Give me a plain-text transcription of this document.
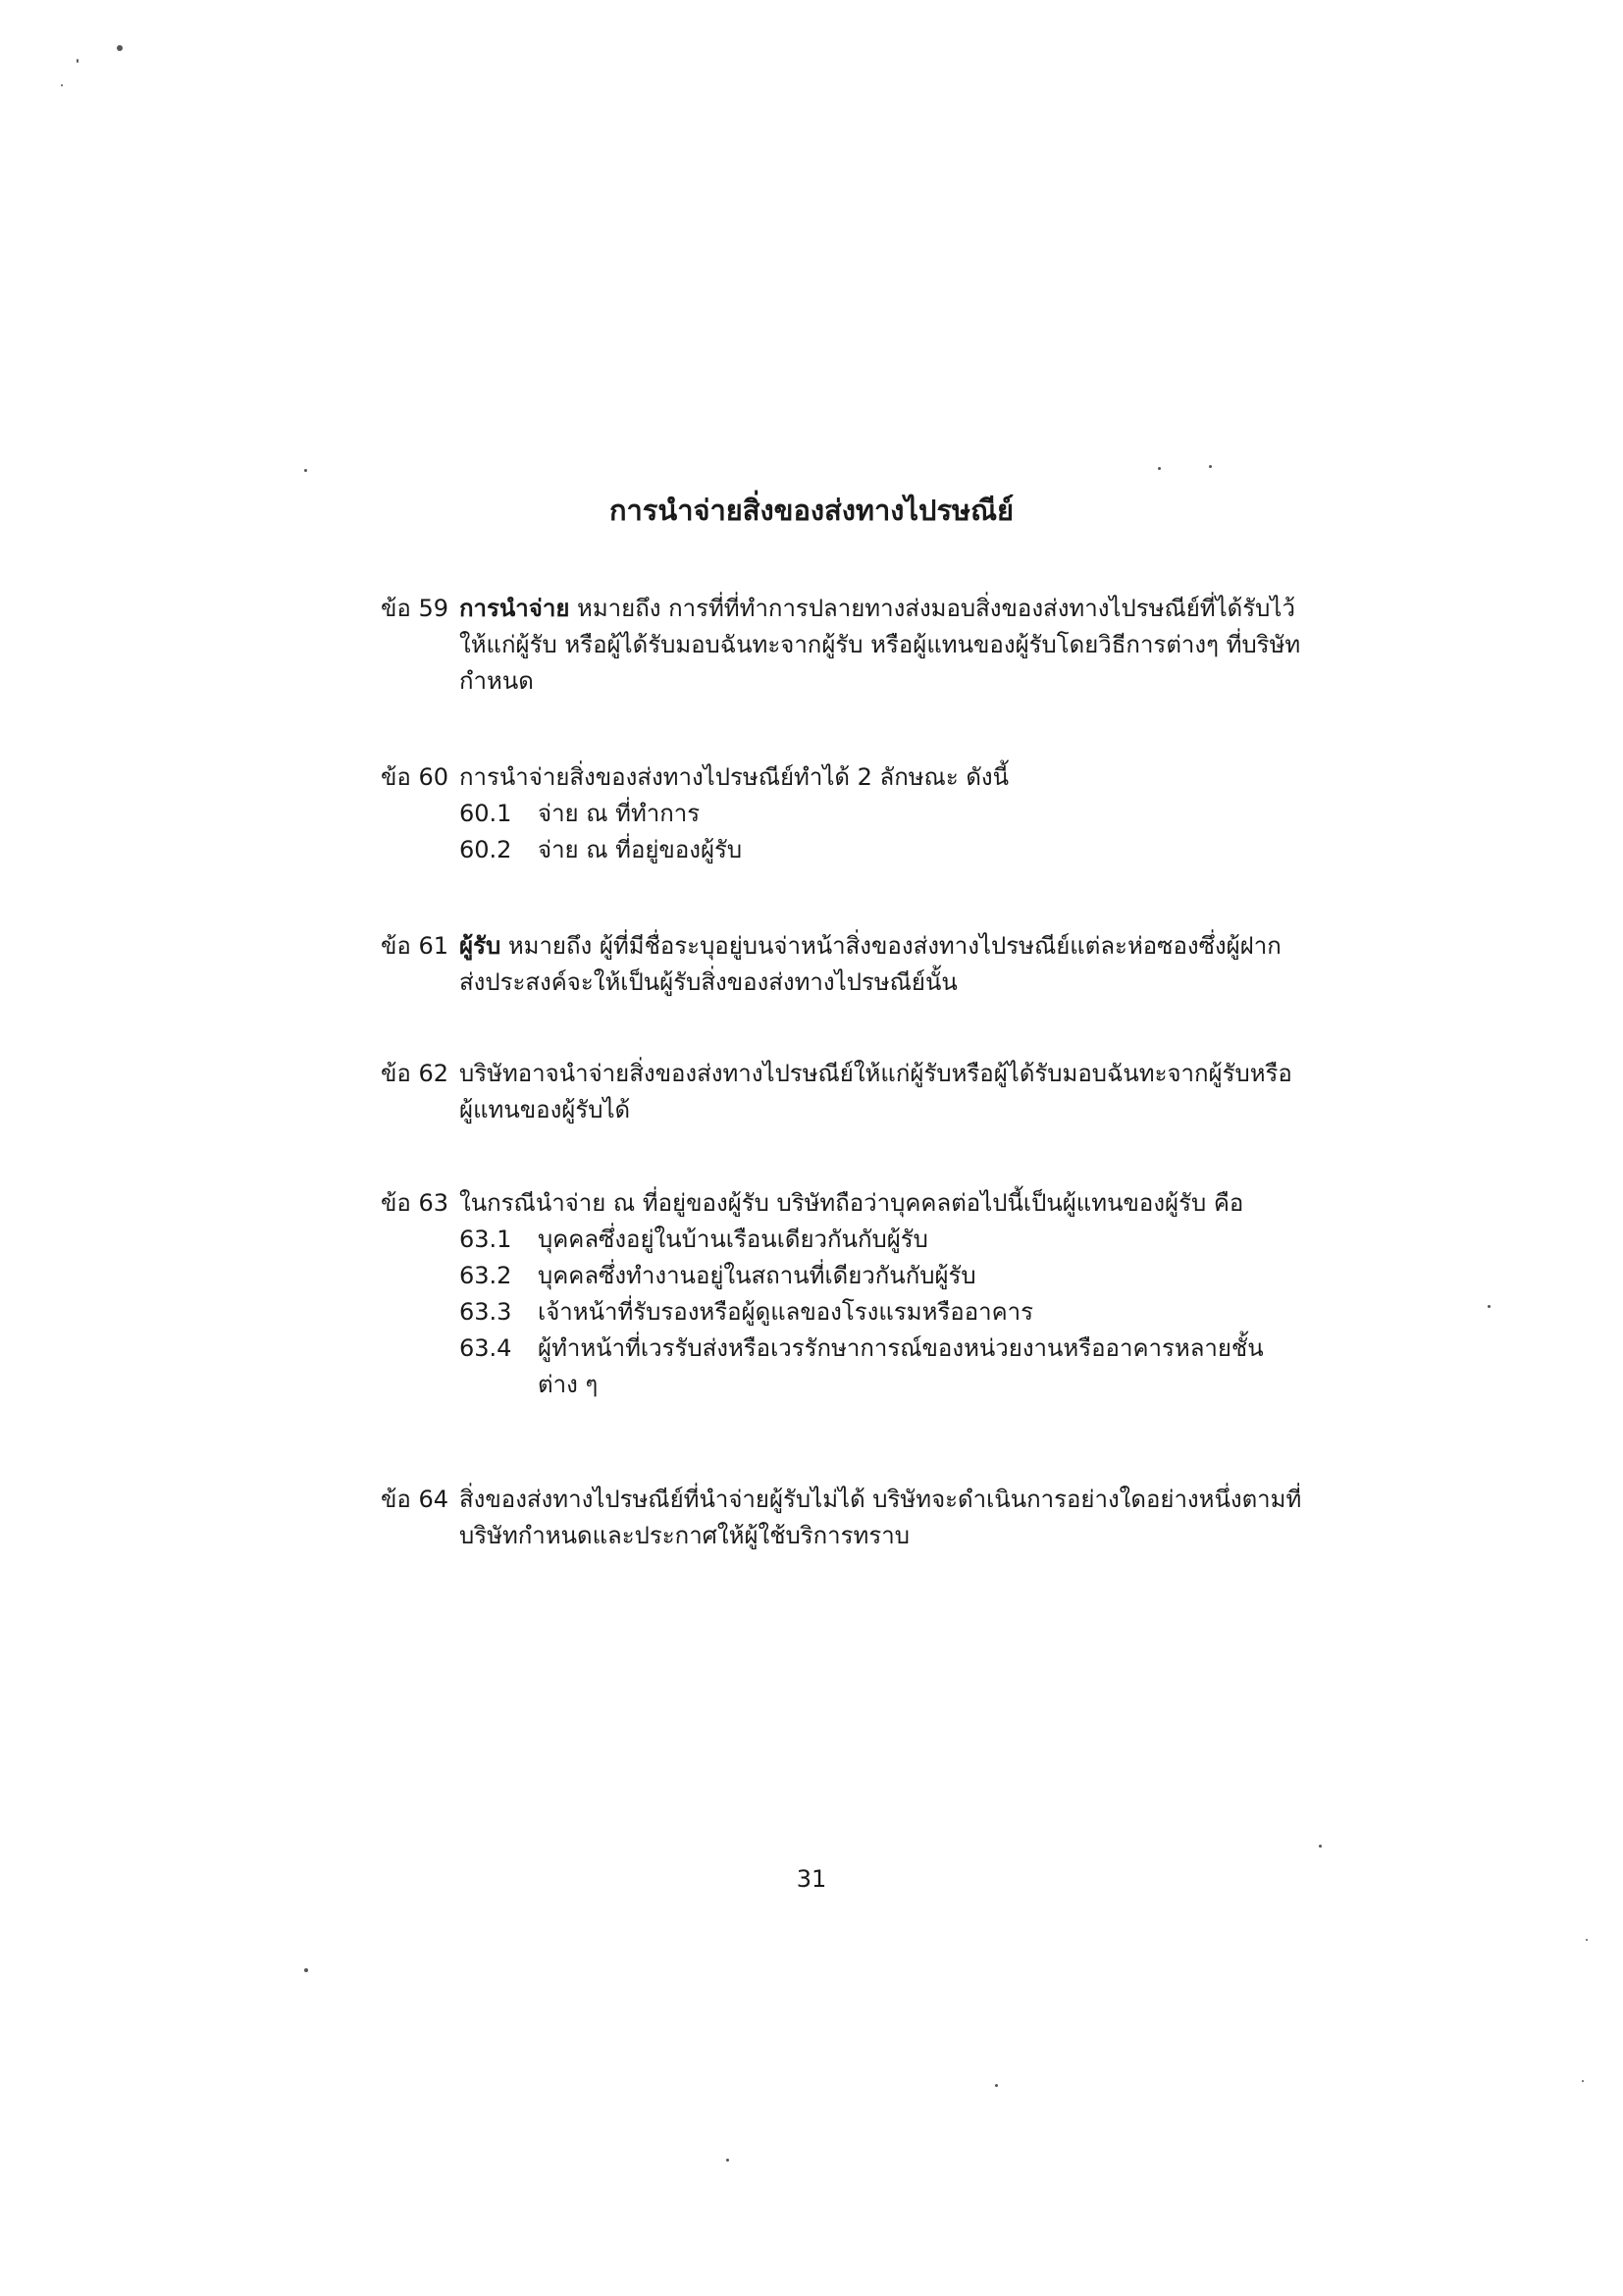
การนำจ่ายสิ่งของส่งทางไปรษณีย์
ข้อ 59 การนำจ่าย หมายถึง การที่ที่ทำการปลายทางส่งมอบสิ่งของส่งทางไปรษณีย์ที่ได้รับไว้ให้แก่ผู้รับ หรือผู้ได้รับมอบฉันทะจากผู้รับ หรือผู้แทนของผู้รับโดยวิธีการต่างๆ ที่บริษัทกำหนด
ข้อ 60 การนำจ่ายสิ่งของส่งทางไปรษณีย์ทำได้ 2 ลักษณะ ดังนี้
60.1	จ่าย ณ ที่ทำการ
60.2	จ่าย ณ ที่อยู่ของผู้รับ
ข้อ 61 ผู้รับ หมายถึง ผู้ที่มีชื่อระบุอยู่บนจ่าหน้าสิ่งของส่งทางไปรษณีย์แต่ละห่อซองซึ่งผู้ฝากส่งประสงค์จะให้เป็นผู้รับสิ่งของส่งทางไปรษณีย์นั้น
ข้อ 62 บริษัทอาจนำจ่ายสิ่งของส่งทางไปรษณีย์ให้แก่ผู้รับหรือผู้ได้รับมอบฉันทะจากผู้รับหรือผู้แทนของผู้รับได้
ข้อ 63 ในกรณีนำจ่าย ณ ที่อยู่ของผู้รับ บริษัทถือว่าบุคคลต่อไปนี้เป็นผู้แทนของผู้รับ คือ
63.1	บุคคลซึ่งอยู่ในบ้านเรือนเดียวกันกับผู้รับ
63.2	บุคคลซึ่งทำงานอยู่ในสถานที่เดียวกันกับผู้รับ
63.3	เจ้าหน้าที่รับรองหรือผู้ดูแลของโรงแรมหรืออาคาร
63.4	ผู้ทำหน้าที่เวรรับส่งหรือเวรรักษาการณ์ของหน่วยงานหรืออาคารหลายชั้นต่าง ๆ
ข้อ 64 สิ่งของส่งทางไปรษณีย์ที่นำจ่ายผู้รับไม่ได้ บริษัทจะดำเนินการอย่างใดอย่างหนึ่งตามที่บริษัทกำหนดและประกาศให้ผู้ใช้บริการทราบ
31
